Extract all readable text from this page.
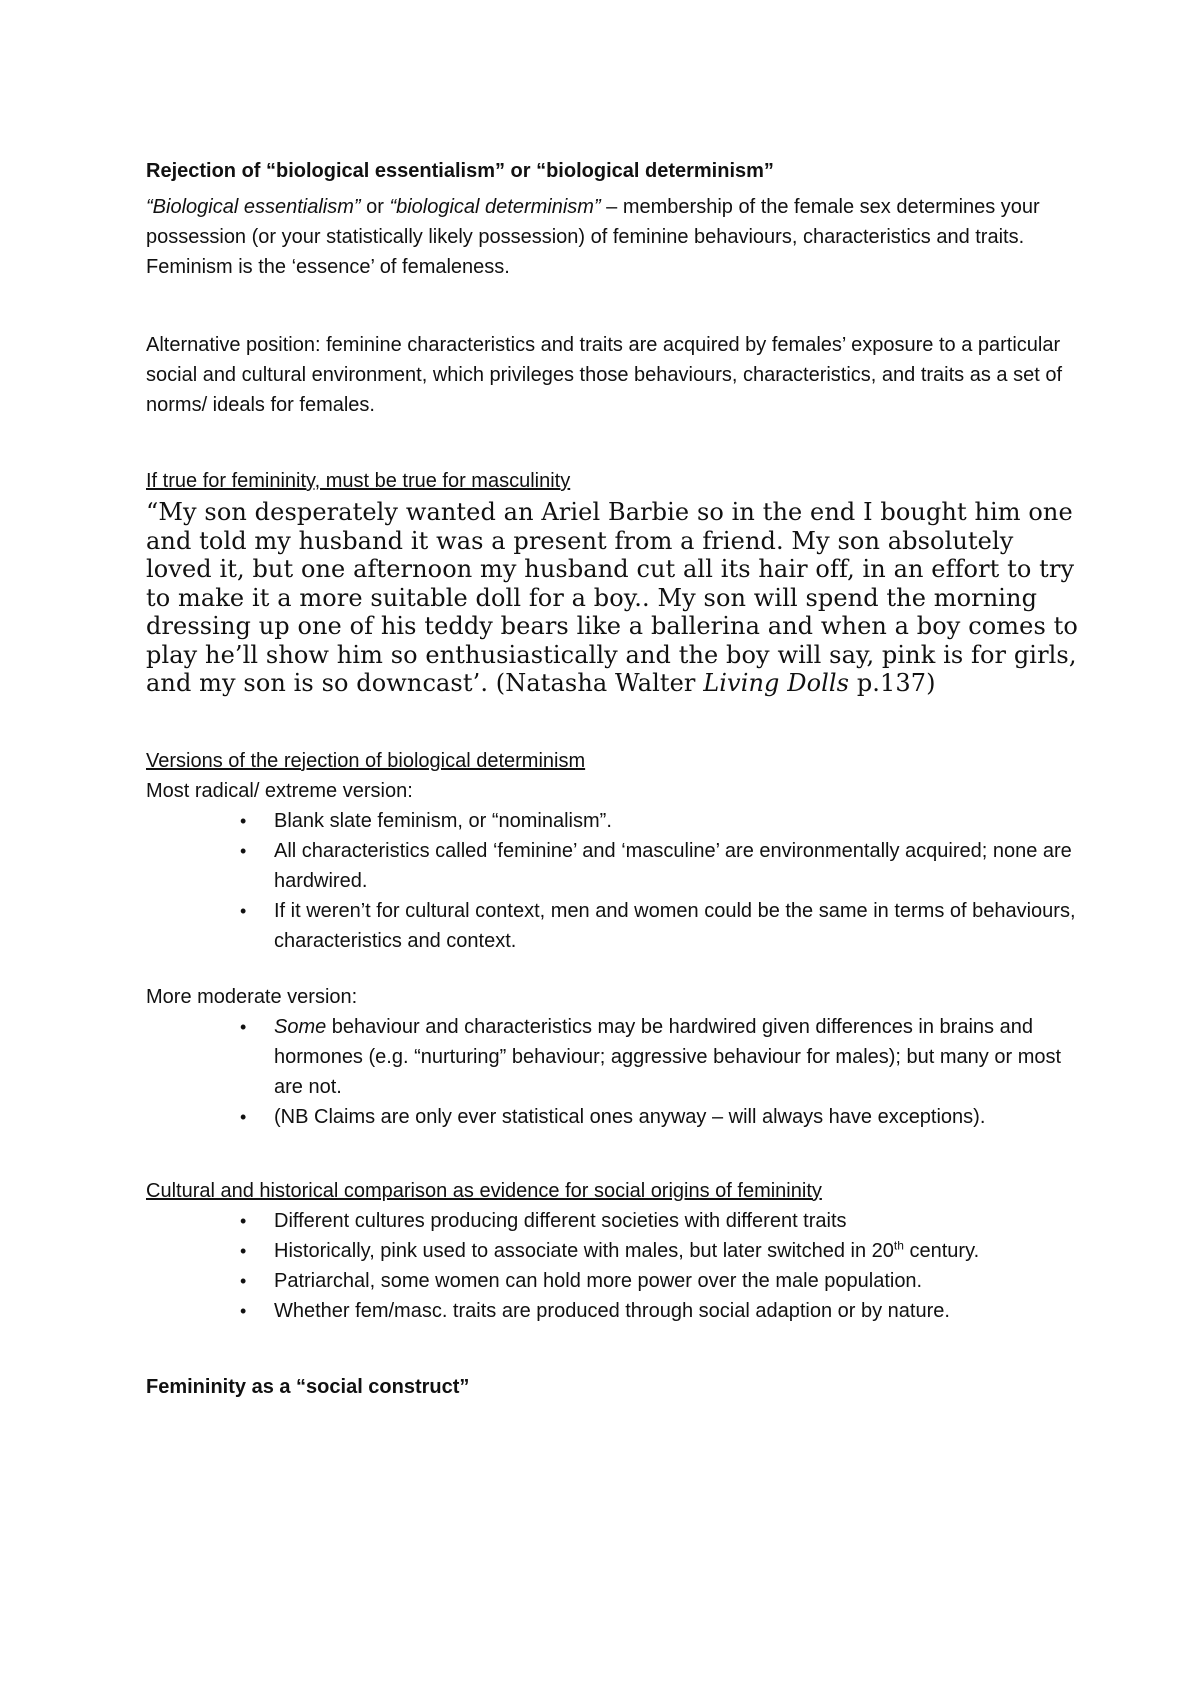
Rejection of “biological essentialism” or “biological determinism”

“Biological essentialism” or “biological determinism” – membership of the female sex determines your possession (or your statistically likely possession) of feminine behaviours, characteristics and traits. Feminism is the ‘essence’ of femaleness.

Alternative position: feminine characteristics and traits are acquired by females’ exposure to a particular social and cultural environment, which privileges those behaviours, characteristics, and traits as a set of norms/ ideals for females.

If true for femininity, must be true for masculinity

“My son desperately wanted an Ariel Barbie so in the end I bought him one and told my husband it was a present from a friend. My son absolutely loved it, but one afternoon my husband cut all its hair off, in an effort to try to make it a more suitable doll for a boy.. My son will spend the morning dressing up one of his teddy bears like a ballerina and when a boy comes to play he’ll show him so enthusiastically and the boy will say, pink is for girls, and my son is so downcast’. (Natasha Walter Living Dolls p.137)

Versions of the rejection of biological determinism

Most radical/ extreme version:

• Blank slate feminism, or “nominalism”.
• All characteristics called ‘feminine’ and ‘masculine’ are environmentally acquired; none are hardwired.
• If it weren’t for cultural context, men and women could be the same in terms of behaviours, characteristics and context.

More moderate version:

• Some behaviour and characteristics may be hardwired given differences in brains and hormones (e.g. “nurturing” behaviour; aggressive behaviour for males); but many or most are not.
• (NB Claims are only ever statistical ones anyway – will always have exceptions).

Cultural and historical comparison as evidence for social origins of femininity

• Different cultures producing different societies with different traits
• Historically, pink used to associate with males, but later switched in 20th century.
• Patriarchal, some women can hold more power over the male population.
• Whether fem/masc. traits are produced through social adaption or by nature.

Femininity as a “social construct”
